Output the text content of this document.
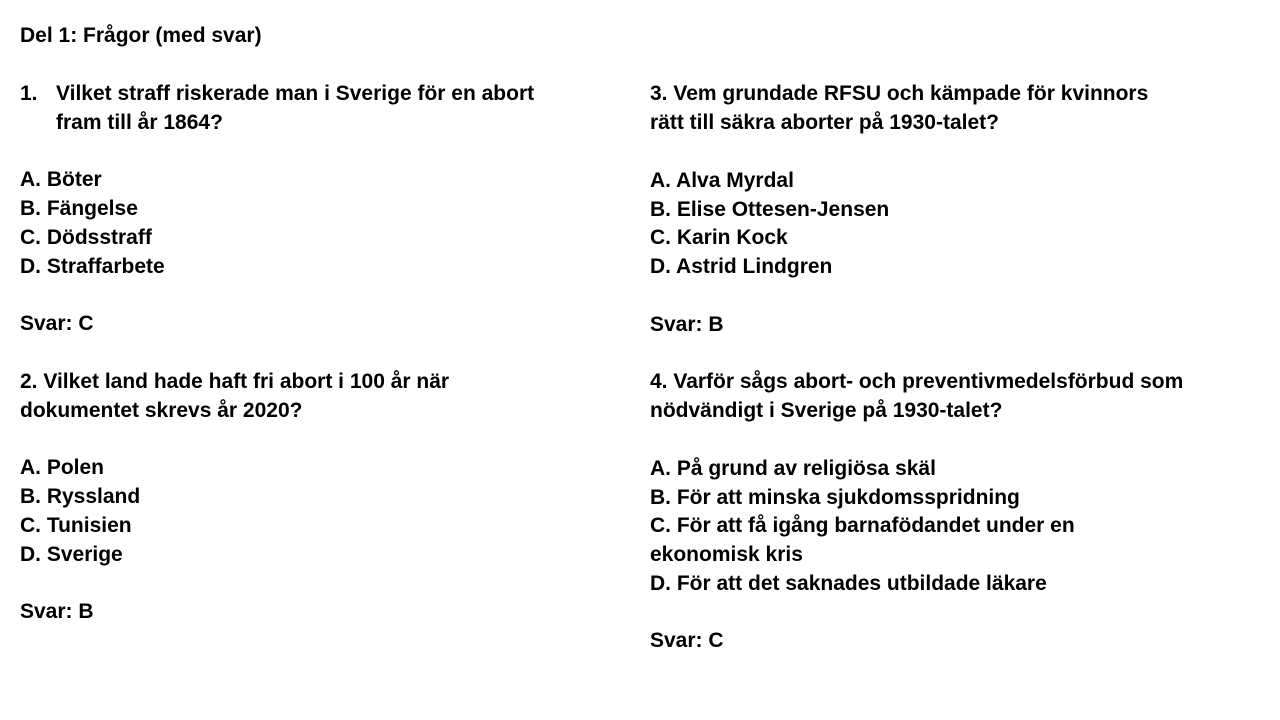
Del 1: Frågor (med svar)
1. Vilket straff riskerade man i Sverige för en abort
fram till år 1864?
A. Böter
B. Fängelse
C. Dödsstraff
D. Straffarbete
Svar: C
2. Vilket land hade haft fri abort i 100 år när
dokumentet skrevs år 2020?
A. Polen
B. Ryssland
C. Tunisien
D. Sverige
Svar: B
3. Vem grundade RFSU och kämpade för kvinnors
rätt till säkra aborter på 1930-talet?
A. Alva Myrdal
B. Elise Ottesen-Jensen
C. Karin Kock
D. Astrid Lindgren
Svar: B
4. Varför sågs abort- och preventivmedelsförbud som
nödvändigt i Sverige på 1930-talet?
A. På grund av religiösa skäl
B. För att minska sjukdomsspridning
C. För att få igång barnafödandet under en
ekonomisk kris
D. För att det saknades utbildade läkare
Svar: C
